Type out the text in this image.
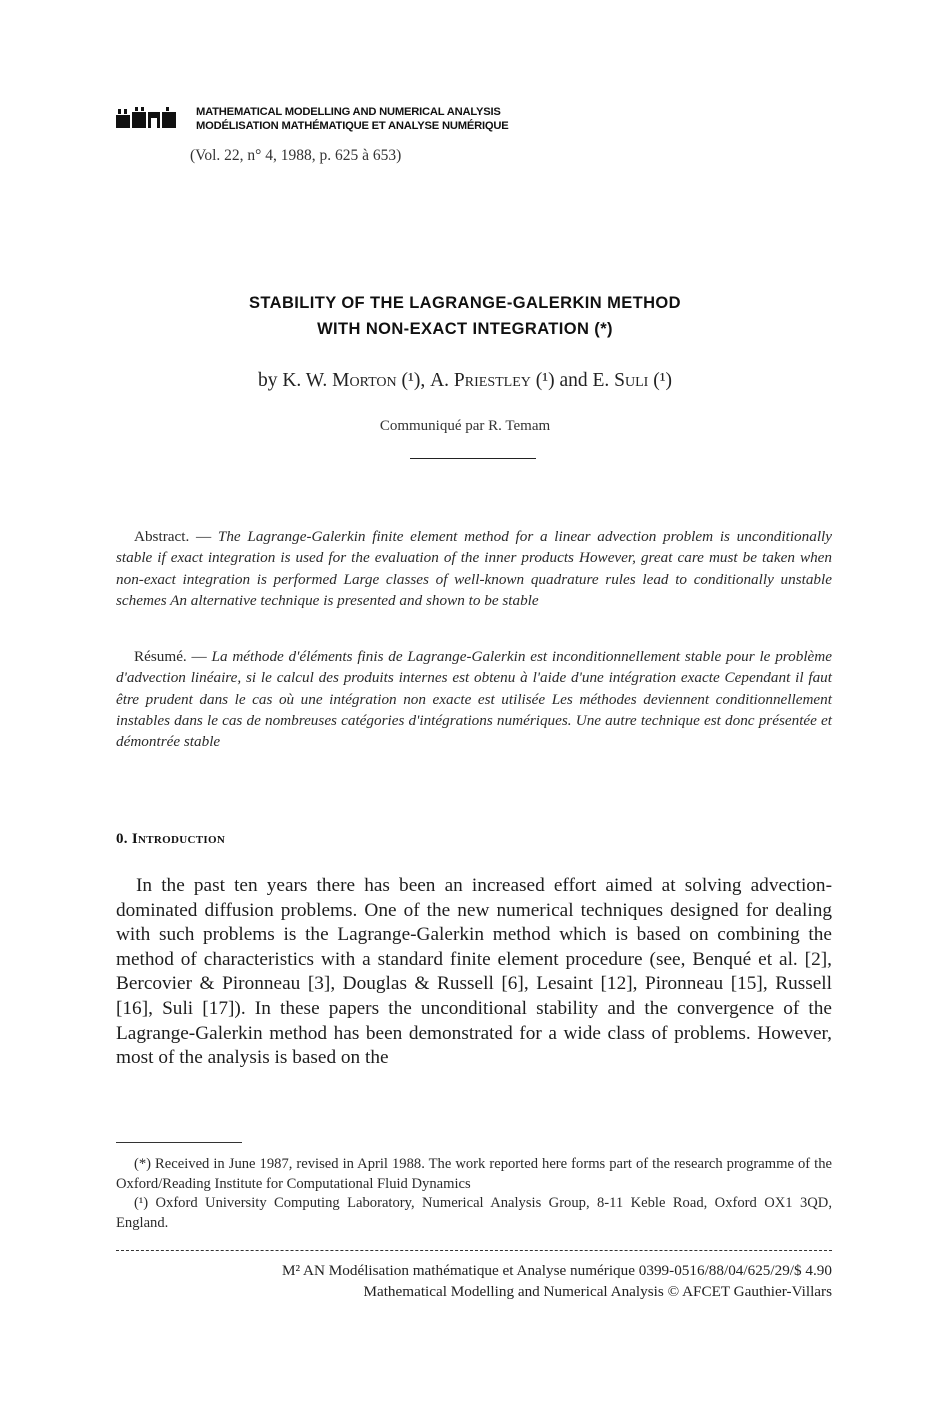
MATHEMATICAL MODELLING AND NUMERICAL ANALYSIS
MODÉLISATION MATHÉMATIQUE ET ANALYSE NUMÉRIQUE
(Vol. 22, n° 4, 1988, p. 625 à 653)
STABILITY OF THE LAGRANGE-GALERKIN METHOD
WITH NON-EXACT INTEGRATION (*)
by K. W. Morton (¹), A. Priestley (¹) and E. Suli (¹)
Communiqué par R. Temam
Abstract. — The Lagrange-Galerkin finite element method for a linear advection problem is unconditionally stable if exact integration is used for the evaluation of the inner products However, great care must be taken when non-exact integration is performed Large classes of well-known quadrature rules lead to conditionally unstable schemes An alternative technique is presented and shown to be stable
Résumé. — La méthode d'éléments finis de Lagrange-Galerkin est inconditionnellement stable pour le problème d'advection linéaire, si le calcul des produits internes est obtenu à l'aide d'une intégration exacte Cependant il faut être prudent dans le cas où une intégration non exacte est utilisée Les méthodes deviennent conditionnellement instables dans le cas de nombreuses catégories d'intégrations numériques. Une autre technique est donc présentée et démontrée stable
0. Introduction
In the past ten years there has been an increased effort aimed at solving advection-dominated diffusion problems. One of the new numerical techniques designed for dealing with such problems is the Lagrange-Galerkin method which is based on combining the method of characteristics with a standard finite element procedure (see, Benqué et al. [2], Bercovier & Pironneau [3], Douglas & Russell [6], Lesaint [12], Pironneau [15], Russell [16], Suli [17]). In these papers the unconditional stability and the convergence of the Lagrange-Galerkin method has been demonstrated for a wide class of problems. However, most of the analysis is based on the

(*) Received in June 1987, revised in April 1988. The work reported here forms part of the research programme of the Oxford/Reading Institute for Computational Fluid Dynamics

(¹) Oxford University Computing Laboratory, Numerical Analysis Group, 8-11 Keble Road, Oxford OX1 3QD, England.

M² AN Modélisation mathématique et Analyse numérique 0399-0516/88/04/625/29/$ 4.90
Mathematical Modelling and Numerical Analysis © AFCET Gauthier-Villars
